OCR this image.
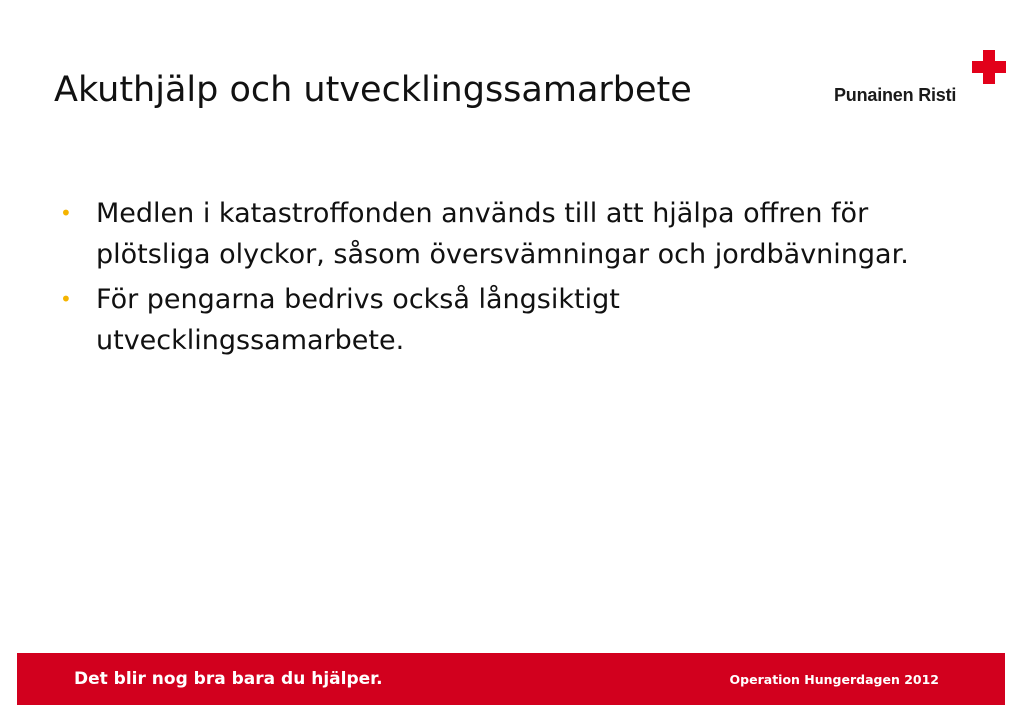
Akuthjälp och utvecklingssamarbete	Punainen Risti
• Medlen i katastroffonden används till att hjälpa offren för plötsliga olyckor, såsom översvämningar och jordbävningar.
• För pengarna bedrivs också långsiktigt utvecklingssamarbete.
Det blir nog bra bara du hjälper.	Operation Hungerdagen 2012
